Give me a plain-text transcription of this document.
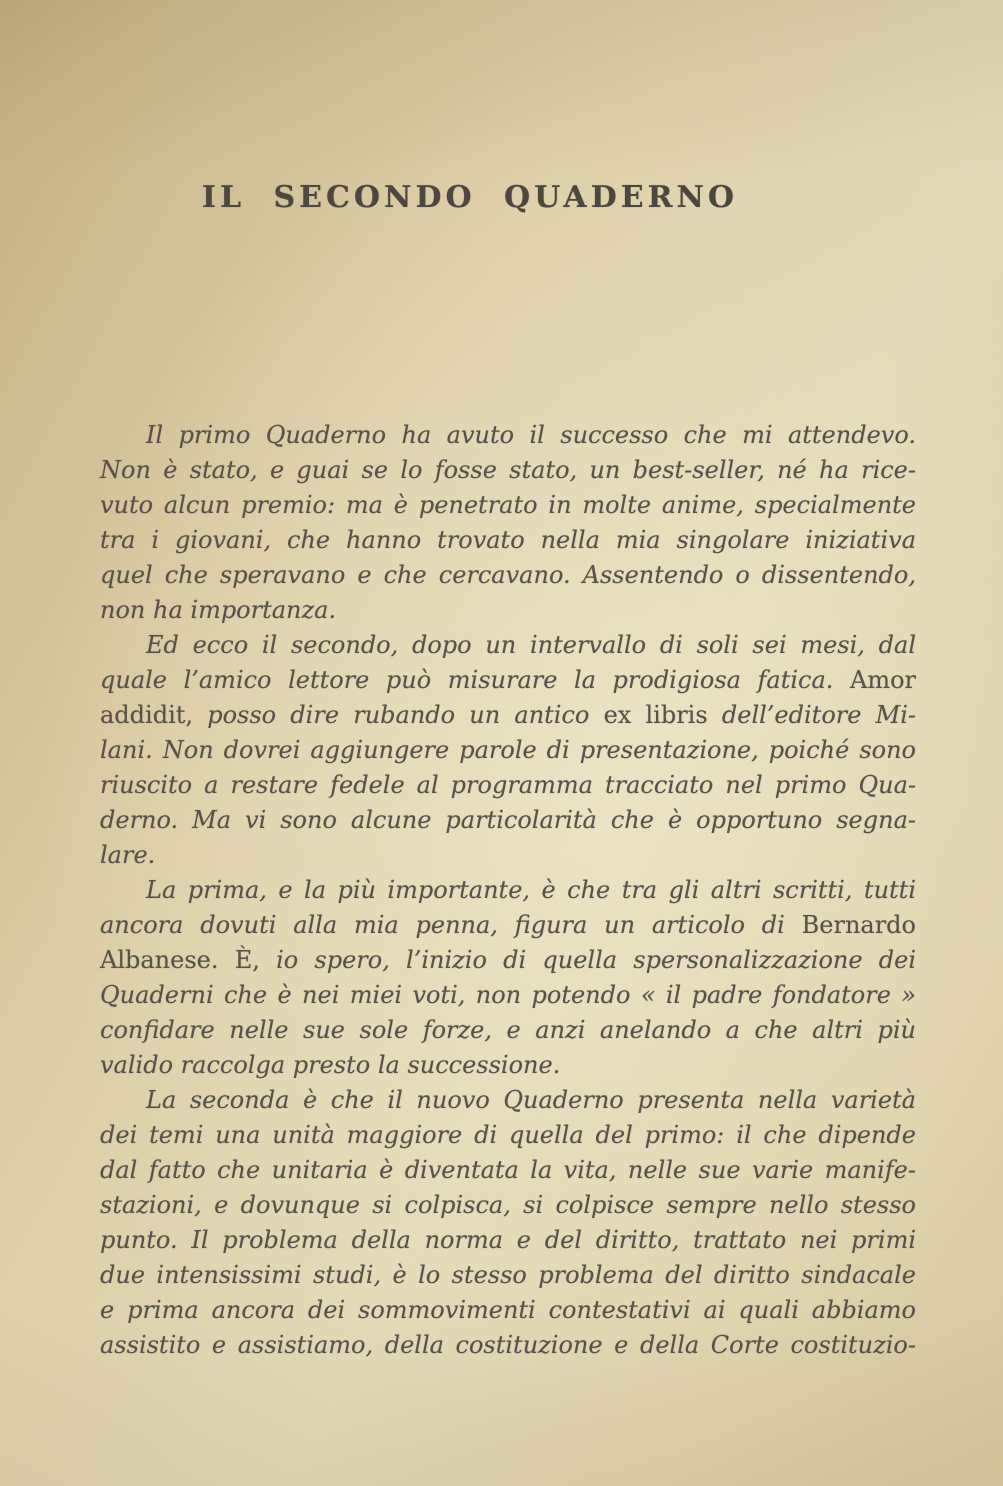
IL SECONDO QUADERNO
Il primo Quaderno ha avuto il successo che mi attendevo.
Non è stato, e guai se lo fosse stato, un best-seller, né ha rice-
vuto alcun premio: ma è penetrato in molte anime, specialmente
tra i giovani, che hanno trovato nella mia singolare iniziativa
quel che speravano e che cercavano. Assentendo o dissentendo,
non ha importanza.
Ed ecco il secondo, dopo un intervallo di soli sei mesi, dal
quale l’amico lettore può misurare la prodigiosa fatica. Amor
addidit, posso dire rubando un antico ex libris dell’editore Mi-
lani. Non dovrei aggiungere parole di presentazione, poiché sono
riuscito a restare fedele al programma tracciato nel primo Qua-
derno. Ma vi sono alcune particolarità che è opportuno segna-
lare.
La prima, e la più importante, è che tra gli altri scritti, tutti
ancora dovuti alla mia penna, figura un articolo di Bernardo
Albanese. È, io spero, l’inizio di quella spersonalizzazione dei
Quaderni che è nei miei voti, non potendo « il padre fondatore »
confidare nelle sue sole forze, e anzi anelando a che altri più
valido raccolga presto la successione.
La seconda è che il nuovo Quaderno presenta nella varietà
dei temi una unità maggiore di quella del primo: il che dipende
dal fatto che unitaria è diventata la vita, nelle sue varie manife-
stazioni, e dovunque si colpisca, si colpisce sempre nello stesso
punto. Il problema della norma e del diritto, trattato nei primi
due intensissimi studi, è lo stesso problema del diritto sindacale
e prima ancora dei sommovimenti contestativi ai quali abbiamo
assistito e assistiamo, della costituzione e della Corte costituzio-
